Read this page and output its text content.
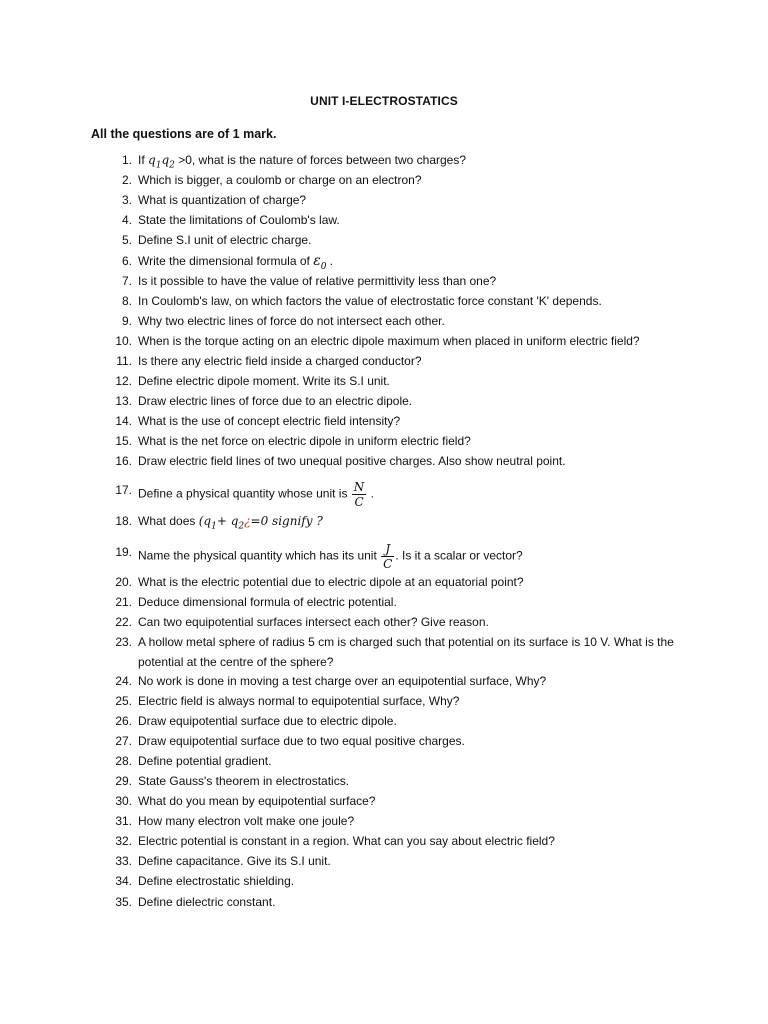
UNIT I-ELECTROSTATICS
All the questions are of 1 mark.
1. If $q_1q_2 >0$, what is the nature of forces between two charges?
2. Which is bigger, a coulomb or charge on an electron?
3. What is quantization of charge?
4. State the limitations of Coulomb's law.
5. Define S.I unit of electric charge.
6. Write the dimensional formula of $\varepsilon_0$ .
7. Is it possible to have the value of relative permittivity less than one?
8. In Coulomb's law, on which factors the value of electrostatic force constant 'K' depends.
9. Why two electric lines of force do not intersect each other.
10. When is the torque acting on an electric dipole maximum when placed in uniform electric field?
11. Is there any electric field inside a charged conductor?
12. Define electric dipole moment. Write its S.I unit.
13. Draw electric lines of force due to an electric dipole.
14. What is the use of concept electric field intensity?
15. What is the net force on electric dipole in uniform electric field?
16. Draw electric field lines of two unequal positive charges. Also show neutral point.
17. Define a physical quantity whose unit is $\frac{N}{C}$ .
18. What does ($q_1+$ $q_2¿=0$ signify ?
19. Name the physical quantity which has its unit $\frac{J}{C}$ . Is it a scalar or vector?
20. What is the electric potential due to electric dipole at an equatorial point?
21. Deduce dimensional formula of electric potential.
22. Can two equipotential surfaces intersect each other? Give reason.
23. A hollow metal sphere of radius 5 cm is charged such that potential on its surface is 10 V. What is the potential at the centre of the sphere?
24. No work is done in moving a test charge over an equipotential surface, Why?
25. Electric field is always normal to equipotential surface, Why?
26. Draw equipotential surface due to electric dipole.
27. Draw equipotential surface due to two equal positive charges.
28. Define potential gradient.
29. State Gauss's theorem in electrostatics.
30. What do you mean by equipotential surface?
31. How many electron volt make one joule?
32. Electric potential is constant in a region. What can you say about electric field?
33. Define capacitance. Give its S.I unit.
34. Define electrostatic shielding.
35. Define dielectric constant.
